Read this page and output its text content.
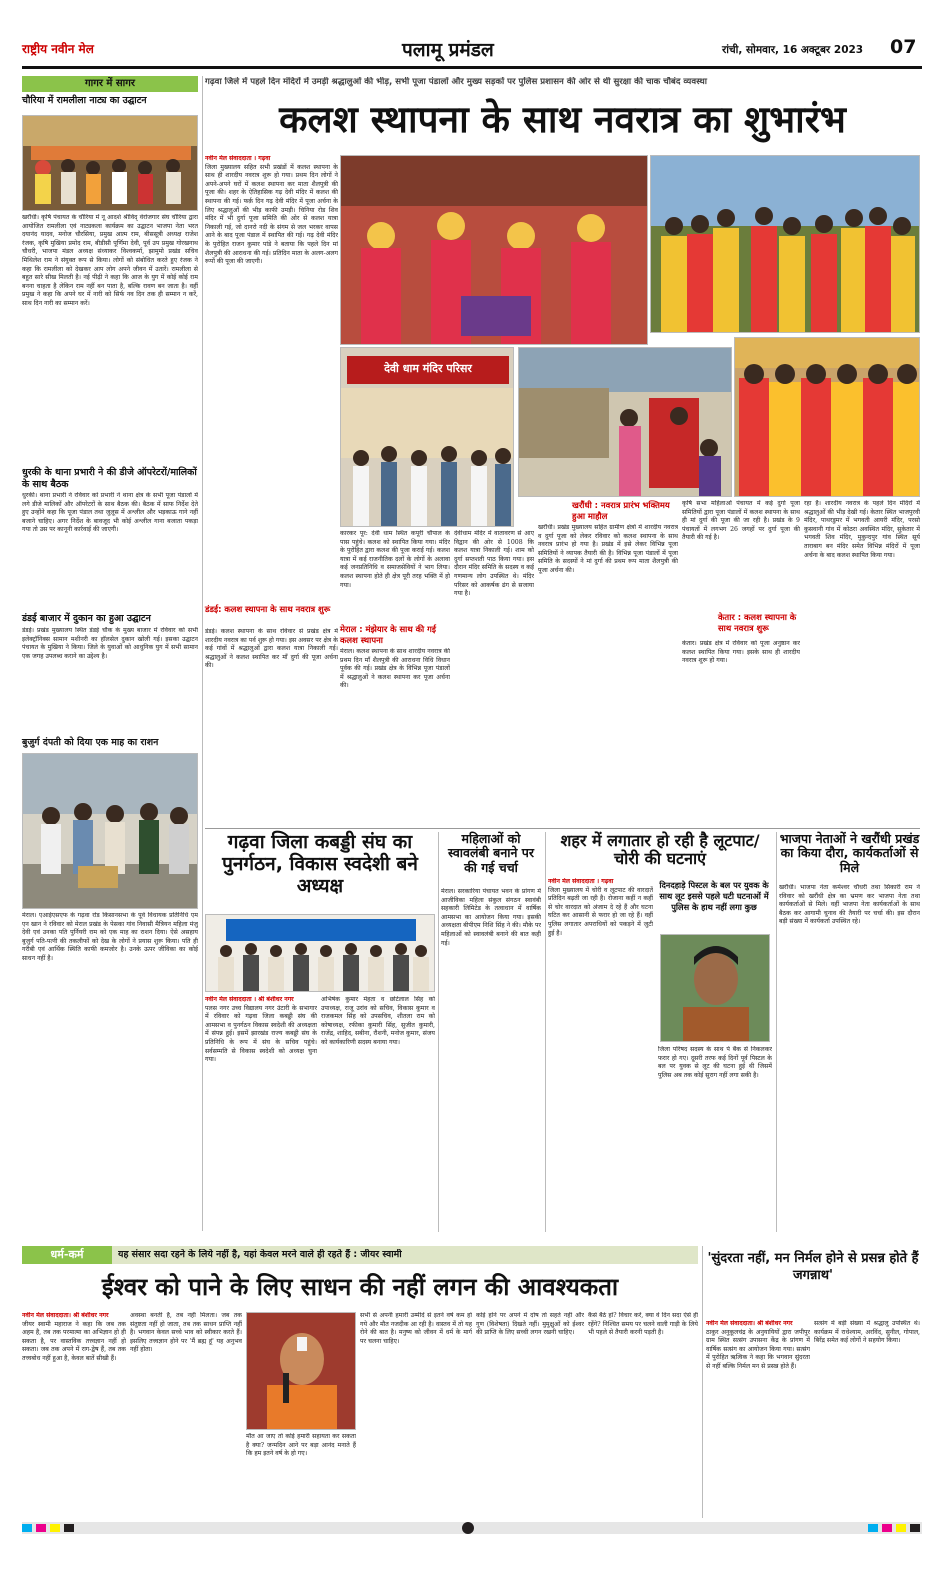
राष्ट्रीय नवीन मेल	पलामू प्रमंडल	रांची, सोमवार, 16 अक्टूबर 2023 07
गढ़वा जिले में पहले दिन मंदिरों में उमड़ी श्रद्धालुओं की भीड़, सभी पूजा पंडालों और मुख्य सड़कों पर पुलिस प्रशासन की ओर से थी सुरक्षा की चाक चौबंद व्यवस्था
कलश स्थापना के साथ नवरात्र का शुभारंभ
गागर में सागर
चौरिया में रामलीला नाट्य का उद्घाटन
खरौंधी। कृषि पंचायत के चौरिया में नू आदर्श श्रीविद् वेरोजगार संघ चौरिया द्वारा आयोजित रामलीला एवं नाट्यकला कार्यक्रम का उद्घाटन भाजपा नेता भरत दयानंद यादव, मनोज चौरसिया, प्रमुख आत्म राम, बीससूत्री अध्यक्ष राजेश रंजक, कृषि मुखिया प्रमोद राम, बीडीसी पूर्णिमा देवी, पूर्व उप प्रमुख गोरखनाथ चौधरी, भाजपा मंडल अध्यक्ष संध्याकर विश्वकर्मा, झामुमो प्रखंड सचिव मिथिलेश राम ने संयुक्त रूप से किया। लोगों को संबोधित करते हुए रंजक ने कहा कि रामलीला को देखकर आप लोग अपने जीवन में उतारें। रामलीला से बहुत सारे सीख मिलती है। नई पीढ़ी ने कहा कि आज के युग में कोई कोई राम बनना चाहता है लेकिन राम नहीं बन पाता है, बल्कि रावण बन जाता है। वहीं प्रमुख ने कहा कि अपने घर में नारी को सिर्फ नव दिन तक ही सम्मान न करें, साथ दिन नारी का सम्मान करें।
धुरकी के थाना प्रभारी ने की डीजे ऑपरेटरों/मालिकों के साथ बैठक
धुरकी। थाना प्रभारी ने रविवार को प्रभारी ने थाना क्षेत्र के सभी पूजा पंडालों में लगे डीजे मालिकों और ऑपरेटरों के साथ बैठक की। बैठक में साफ निर्देश देते हुए उन्होंने कहा कि पूजा पंडाल तथा जुलूस में अश्लील और भड़काऊ गाने नहीं बजाने चाहिए। अगर निर्देश के बावजूद भी कोई अश्लील गाना बजाता पकड़ा गया तो उस पर कानूनी कार्रवाई की जाएगी।
डंडई बाजार में दुकान का हुआ उद्घाटन
डंडई। प्रखंड मुख्यालय स्थित डंडई चौक के मुख्य बाजार में रविवार को सभी इलेक्ट्रॉनिक्स सामान मशीनरी का हॉलसेल दुकान खोली गई। इसका उद्घाटन पंचायत के मुखिया ने किया। जिले के युवाओं को आधुनिक युग में सभी सामान एक जगह उपलब्ध कराने का उद्देश्य है।
बुजुर्ग दंपती को दिया एक माह का राशन
मेराल। एआईएसएफ के गढ़वा रोड किसानसभा के पूर्व विधायक प्रतिनिधि एम एन खान ने रविवार को मेराल प्रखंड के पेसका गांव निवासी मैत्रियन महिला मंजु देवी एवं उनका पति पुर्नियरी राम को एक माह का राशन दिया। ऐसे असहाय बुजुर्ग पति-पत्नी की तकलीफों को देख के लोगों ने प्रयास शुरू किया। पति ही गरीबी एवं आर्थिक स्थिति काफी कमजोर है। उनके ऊपर जीविका का कोई साधन नहीं है।
नवीन मेल संवाददाता । गढ़वा
जिला मुख्यालय सहित सभी प्रखंडों में कलश स्थापना के साथ ही शारदीय नवरात्र शुरू हो गया। प्रथम दिन लोगों ने अपने-अपने घरों में कलश स्थापना कर माता शैलपुत्री की पूजा की। शहर के ऐतिहासिक गढ़ देवी मंदिर में कलश की स्थापना की गई। फर्क़ दिन गढ़ देवी मंदिर में पूजा अर्चना के लिए श्रद्धालुओं की भीड़ काफी उमड़ी। चिनिया रोड शिव मंदिर में भी दुर्गा पूजा समिति की ओर से कलश यात्रा निकाली गई, जो दानरो नदी के संगम से जल भरकर वापस आने के बाद पूजा पंडाल में स्थापित की गई। गढ़ देवी मंदिर के पुरोहित राजन कुमार पांडे ने बताया कि पहले दिन मां शैलपुत्री की आराधना की गई। प्रतिदिन माता के अलग-अलग रूपों की पूजा की जाएगी।
डंडई: कलश स्थापना के साथ नवरात्र शुरू
डंडई। कलश स्थापना के साथ रविवार से प्रखंड क्षेत्र में शारदीय नवरात्र का पर्व शुरू हो गया। इस अवसर पर क्षेत्र के कई गांवों में श्रद्धालुओं द्वारा कलश यात्रा निकाली गई। श्रद्धालुओं ने कलश स्थापित कर माँ दुर्गा की पूजा अर्चना की।
देवी धाम मंदिर परिसर
कारकर पूर: देवी धाम स्थित कपूरी चौपाल के पास पहुंचे। कलश को स्थापित किया गया। मंदिर के पुरोहित द्वारा कलश की पूजा कराई गई। कलश यात्रा में कई राजनीतिक दलों के लोगों के अलावा कई जनप्रतिनिधि व समाजसेवियों ने भाग लिया। कलश स्थापना होते ही क्षेत्र पूरी तरह भक्ति में हो गया।
मेराल : मंझेयार के साथ की गई कलश स्थापना
मेराल। कलश स्थापना के साथ शारदीय नवरात्र की प्रथम दिन माँ शैलपुत्री की आराधना विधि विधान पूर्वक की गई। प्रखंड क्षेत्र के विभिन्न पूजा पंडालों में श्रद्धालुओं ने कलश स्थापना कर पूजा अर्चना की।
देवीधाम मंदिर में वातावरण से आए विद्वान की ओर से 1008 कि कलश यात्रा निकाली गई। शाम को दुर्गा सप्तशती पाठ किया गया। इस दौरान मंदिर समिति के सदस्य व कई गणमान्य लोग उपस्थित थे। मंदिर परिसर को आकर्षक ढंग से सजाया गया है।
खरौंधी : नवरात्र प्रारंभ भक्तिमय हुआ माहौल
खरौंधी। प्रखंड मुख्यालय सहित ग्रामीण क्षेत्रों में शारदीय नवरात्र व दुर्गा पूजा को लेकर रविवार को कलश स्थापना के साथ नवरात्र प्रारंभ हो गया है। प्रखंड में इसे लेकर विभिन्न पूजा समितियों ने व्यापक तैयारी की है। विभिन्न पूजा पंडालों में पूजा समिति के सदस्यों ने मां दुर्गा की प्रथम रूप माता शैलपुत्री की पूजा अर्चना की।
कृषि सभा महिलाओं पंचायत में कई दुर्गा पूजा समितियों द्वारा पूजा पंडालों में कलश स्थापना के साथ ही मां दुर्गा की पूजा की जा रही है। प्रखंड के 9 पंचायतों में लगभग 26 जगहों पर दुर्गा पूजा की तैयारी की गई है।
केतार : कलश स्थापना के साथ नवरात्र शुरू
केतार। प्रखंड क्षेत्र में रविवार को पूजा अनुष्ठान कर कलश स्थापित किया गया। इसके साथ ही शारदीय नवरात्र शुरू हो गया।
रहा है। शारदीय नवरात्र के पहले दिन मंदिरों में श्रद्धालुओं की भीड़ देखी गई। केतार स्थित भाजपुरवी मंदिर, पाथरडुमर में भगवती आयरी मंदिर, परसो कुसवानी गांव में कोठरा अवस्थित मंदिर, सुकेतार में भगवती शिव मंदिर, मुकुन्दपुर गांव स्थित सूर्य ताराबाग बन मंदिर समेत विभिन्न मंदिरों में पूजा अर्चना के बाद कलश स्थापित किया गया।
गढ़वा जिला कबड्डी संघ का पुनर्गठन, विकास स्वदेशी बने अध्यक्ष
नवीन मेल संवाददाता । श्री बंशीधर नगर
पलस नगर उच्च विद्यालय नगर उंटारी के सभागार में रविवार को गढ़वा जिला कबड्डी संघ की आमसभा व पुनर्गठन विकास स्वदेशी की अध्यक्षता में संपन्न हुई। इसमें झारखंड राज्य कबड्डी संघ के प्रतिनिधि के रूप में संघ के सचिव पहुंचे। सर्वसम्मति से विकास स्वदेशी को अध्यक्ष चुना गया।
अभिषेक कुमार मेहता व छोटेलाल सिंह को उपाध्यक्ष, राजू उरांव को सचिव, विकास कुमार व राजकमल सिंह को उपसचिव, शीतला राम को कोषाध्यक्ष, रफीका कुमारी सिंह, सुजीत कुमारी, राजेंद्र, शाहिद, सबीना, रौशनी, मनोज कुमार, संजय को कार्यकारिणी सदस्य बनाया गया।
महिलाओं को स्वावलंबी बनाने पर की गई चर्चा
मेराल। सरकारिया पंचायत भवन के प्रांगण में आजीविका महिला संकुल संगठन स्वावंबी सहकारी लिमिटेड के तत्वाधान में वार्षिक आमसभा का आयोजन किया गया। इसकी अध्यक्षता बीपीएम निशि सिंह ने की। मौके पर महिलाओं को स्वावलंबी बनाने की बात कही गई।
शहर में लगातार हो रही है लूटपाट/चोरी की घटनाएं
नवीन मेल संवाददाता । गढ़वा
जिला मुख्यालय में चोरी व लूटपाट की वारदातें प्रतिदिन बढ़ती जा रही है। रोजाना कहीं न कहीं से चोर वारदात को अंजाम दे रहे हैं और घटना घटित कर आसानी से फरार हो जा रहे हैं। वहीं पुलिस लगातार अपराधियों को पकड़ने में जुटी हुई है।
दिनदहाड़े पिस्टल के बल पर युवक के साथ लूट इससे पहले घटी घटनाओं में पुलिस के हाथ नहीं लगा कुछ
जिला परिषद सदस्य के साथ पे बैंक से निकलकर फरार हो गए। दूसरी तरफ कई दिनों पूर्व पिस्टल के बल पर युवक से लूट की घटना हुई थी जिसमें पुलिस अब तक कोई सुराग नहीं लगा सकी है।
भाजपा नेताओं ने खरौंधी प्रखंड का किया दौरा, कार्यकर्ताओं से मिले
खरौंधी। भाजपा नेता कर्मेश्वर चौधरी तथा सिकारी राम ने रविवार को खरौंधी क्षेत्र का भ्रमण कर भाजपा नेता तथा कार्यकर्ताओं से मिले। वहीं भाजपा नेता कार्यकर्ताओं के साथ बैठक कर आगामी चुनाव की तैयारी पर चर्चा की। इस दौरान बड़ी संख्या में कार्यकर्ता उपस्थित रहे।
धर्म-कर्म	यह संसार सदा रहने के लिये नहीं है, यहां केवल मरने वाले ही रहते हैं : जीयर स्वामी
ईश्वर को पाने के लिए साधन की नहीं लगन की आवश्यकता
नवीन मेल संवाददाता। श्री बंशीधर नगर
जीयर स्वामी महाराज ने कहा कि जब तक अहम है, तब तक परमात्मा का अभिज्ञान हो ही सकता है, पर वास्तविक तत्त्वज्ञान नहीं हो सकता। जब तक अपने में राग-द्वेष हैं, तब तक तत्त्वबोध नहीं हुआ है, केवल बातें सीखी हैं।
अवस्था बनती है, तब नहीं मिलता। जब तक संतुष्टता नहीं हो जाता, तब तक साधन प्राप्ति नहीं है। भगवान केवल सच्चे भाव को स्वीकार करते हैं। इसलिए तत्त्वज्ञान होने पर 'मैं ब्रह्म हूं' यह अनुभव नहीं होता।
मौत आ जाए तो कोई हमारी सहायता कर सकता है क्या? जन्मदिन आने पर बड़ा आनंद मनाते हैं कि हम इतने वर्ष के हो गए।
सभी से अपनी हमारी उम्मीदें से इतने वर्ष कम हो गये और मौत नजदीक आ रही है। वास्तव में तो यह रोने की बात है। मनुष्य को जीवन में धर्म के मार्ग पर चलना चाहिए।
कोई होने पर अपने में दोष तो सहते नहीं और गुण (विशेषता) दिखते नहीं। मुमुक्षुओं को ईश्वर की प्राप्ति के लिए सच्ची लगन रखनी चाहिए।
कैसे बैठे हो? विचार करें, क्या वे दिन सदा ऐसे ही रहेंगे? निश्चित समय पर चलने वाली गाड़ी के लिये भी पहले से तैयारी करनी पड़ती है।
'सुंदरता नहीं, मन निर्मल होने से प्रसन्न होते हैं जगन्नाथ'
नवीन मेल संवाददाता। श्री बंशीधर नगर
ठाकुर अनुकूलचंद्र के अनुयायियों द्वारा जपीपुर ग्राम स्थित सत्संग उपासना केंद्र के प्रांगण में वार्षिक सत्संग का आयोजन किया गया। सत्संग में पुरोहित ऋत्विक ने कहा कि भगवान सुंदरता से नहीं बल्कि निर्मल मन से प्रसन्न होते हैं।
सत्संग में बड़ी संख्या में श्रद्धालु उपस्थित थे। कार्यक्रम में राधेश्याम, अरविंद, सुनील, गोपाल, बिरेंद्र समेत कई लोगों ने सहयोग किया।
